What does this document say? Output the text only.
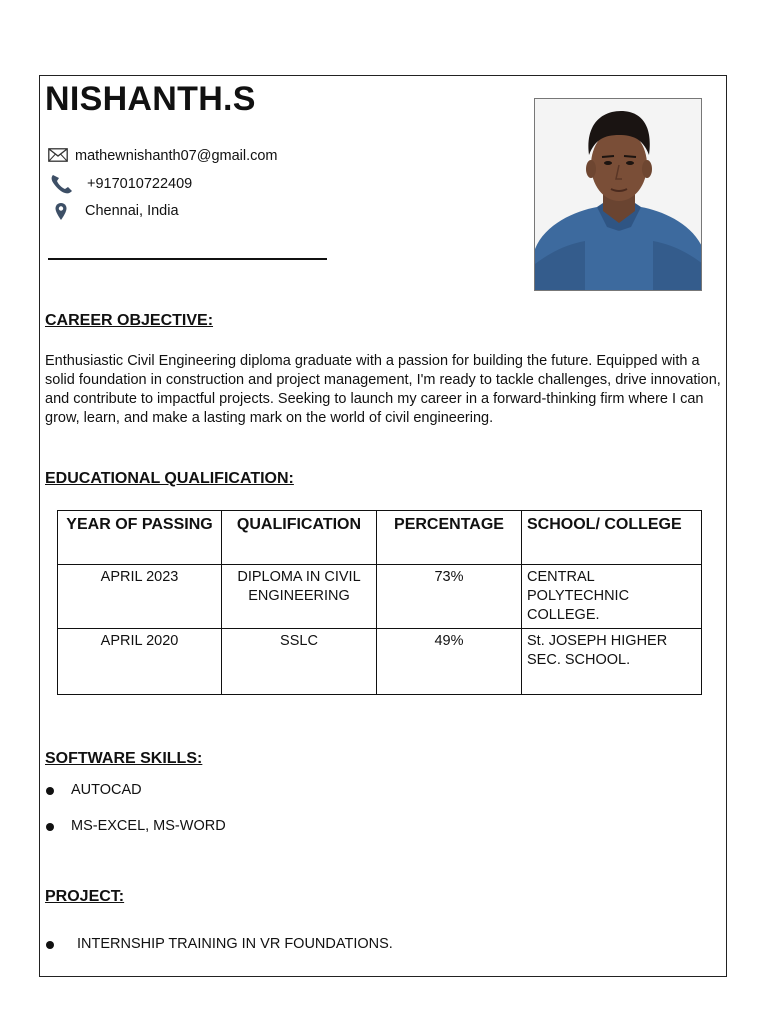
NISHANTH.S
mathewnishanth07@gmail.com
+917010722409
Chennai, India
CAREER OBJECTIVE:
Enthusiastic Civil Engineering diploma graduate with a passion for building the future. Equipped with a solid foundation in construction and project management, I'm ready to tackle challenges, drive innovation, and contribute to impactful projects. Seeking to launch my career in a forward-thinking firm where I can grow, learn, and make a lasting mark on the world of civil engineering.
EDUCATIONAL QUALIFICATION:
YEAR OF PASSING	QUALIFICATION	PERCENTAGE	SCHOOL/ COLLEGE
APRIL 2023	DIPLOMA IN CIVIL ENGINEERING	73%	CENTRAL POLYTECHNIC COLLEGE.
APRIL 2020	SSLC	49%	St. JOSEPH HIGHER SEC. SCHOOL.
SOFTWARE SKILLS:
AUTOCAD
MS-EXCEL, MS-WORD
PROJECT:
INTERNSHIP TRAINING IN VR FOUNDATIONS.
